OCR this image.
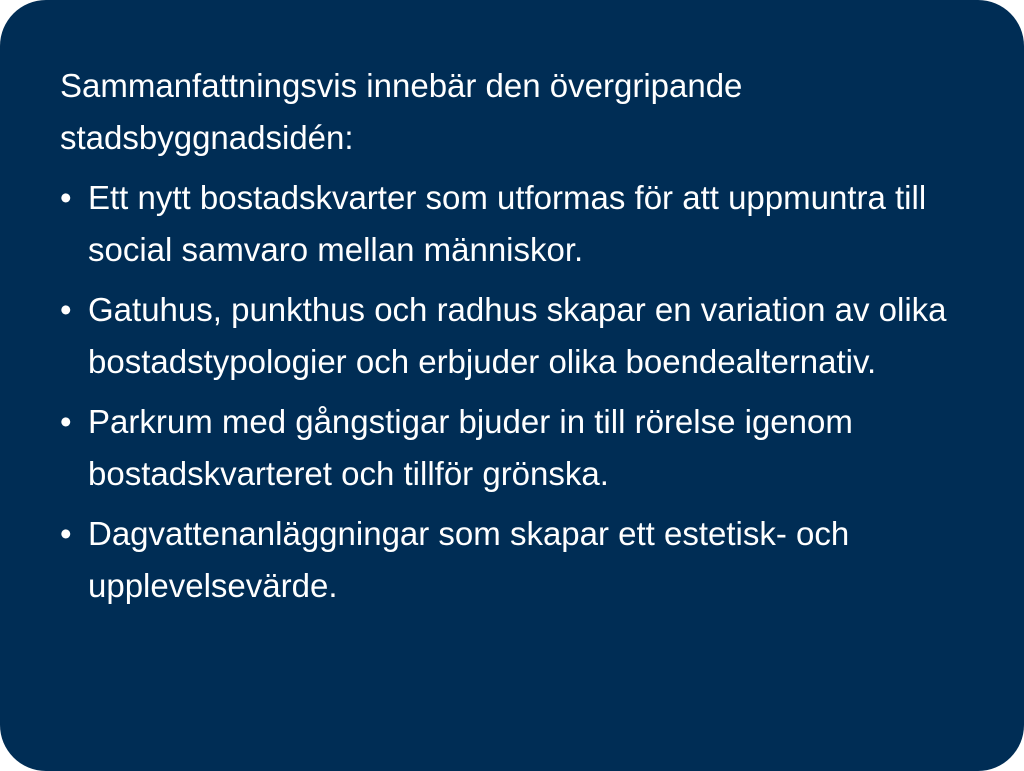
Sammanfattningsvis innebär den övergripande stadsbyggnadsidén:

• Ett nytt bostadskvarter som utformas för att uppmuntra till social samvaro mellan människor.
• Gatuhus, punkthus och radhus skapar en variation av olika bostadstypologier och erbjuder olika boendealternativ.
• Parkrum med gångstigar bjuder in till rörelse igenom bostadskvarteret och tillför grönska.
• Dagvattenanläggningar som skapar ett estetisk- och upplevelsevärde.
